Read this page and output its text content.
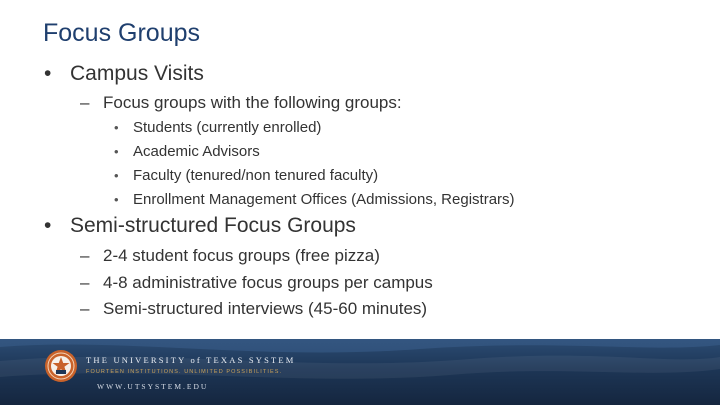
Focus Groups
• Campus Visits
– Focus groups with the following groups:
• Students (currently enrolled)
• Academic Advisors
• Faculty (tenured/non tenured faculty)
• Enrollment Management Offices (Admissions, Registrars)
• Semi-structured Focus Groups
– 2-4 student focus groups (free pizza)
– 4-8 administrative focus groups per campus
– Semi-structured interviews (45-60 minutes)
THE UNIVERSITY of TEXAS SYSTEM
FOURTEEN INSTITUTIONS. UNLIMITED POSSIBILITIES.
WWW.UTSYSTEM.EDU
